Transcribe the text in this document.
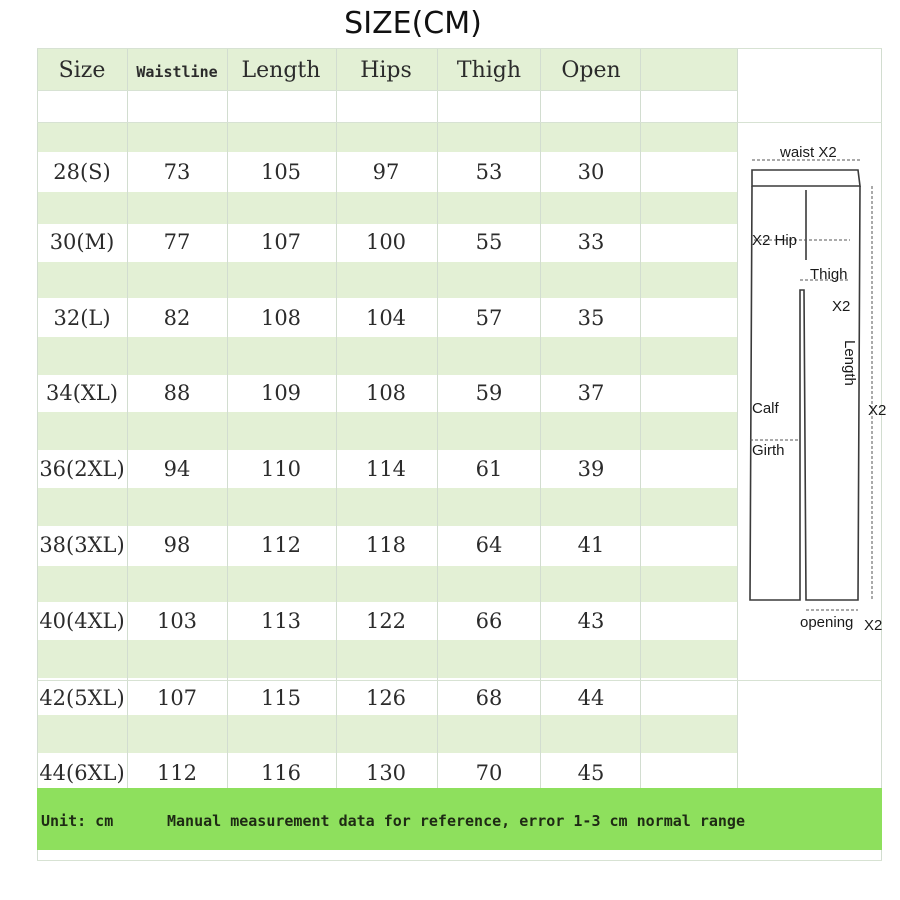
SIZE(CM)
Size	Waistline	Length	Hips	Thigh	Open
28(S)	73	105	97	53	30
30(M)	77	107	100	55	33
32(L)	82	108	104	57	35
34(XL)	88	109	108	59	37
36(2XL)	94	110	114	61	39
38(3XL)	98	112	118	64	41
40(4XL)	103	113	122	66	43
42(5XL)	107	115	126	68	44
44(6XL)	112	116	130	70	45
Unit: cm	Manual measurement data for reference, error 1-3 cm normal range
waist X2
X2 Hip
Thigh
X2
Length
X2
Calf
Girth
opening X2
